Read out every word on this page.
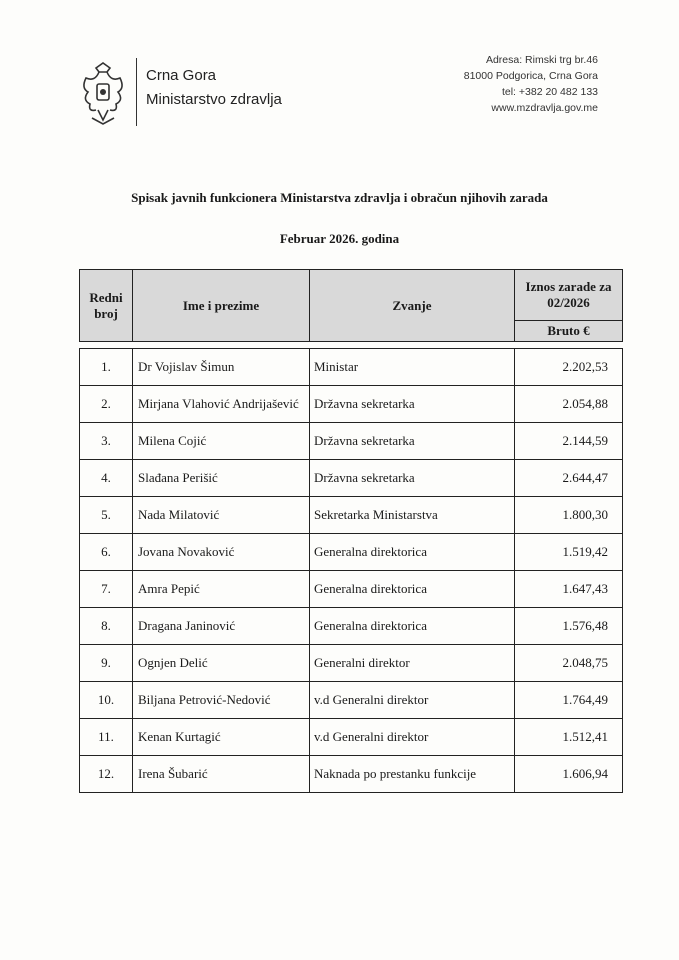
Crna Gora
Ministarstvo zdravlja
Adresa: Rimski trg br.46
81000 Podgorica, Crna Gora
tel: +382 20 482 133
www.mzdravlja.gov.me
Spisak javnih funkcionera Ministarstva zdravlja i obračun njihovih zarada
Februar 2026. godina
Redni broj	Ime i prezime	Zvanje	Iznos zarade za 02/2026
			Bruto €

1.	Dr Vojislav Šimun	Ministar	2.202,53

2.	Mirjana Vlahović Andrijašević	Državna sekretarka	2.054,88

3.	Milena Cojić	Državna sekretarka	2.144,59

4.	Slađana Perišić	Državna sekretarka	2.644,47

5.	Nada Milatović	Sekretarka Ministarstva	1.800,30

6.	Jovana Novaković	Generalna direktorica	1.519,42

7.	Amra Pepić	Generalna direktorica	1.647,43

8.	Dragana Janinović	Generalna direktorica	1.576,48

9.	Ognjen Delić	Generalni direktor	2.048,75

10.	Biljana Petrović-Nedović	v.d Generalni direktor	1.764,49

11.	Kenan Kurtagić	v.d Generalni direktor	1.512,41

12.	Irena Šubarić	Naknada po prestanku funkcije	1.606,94
